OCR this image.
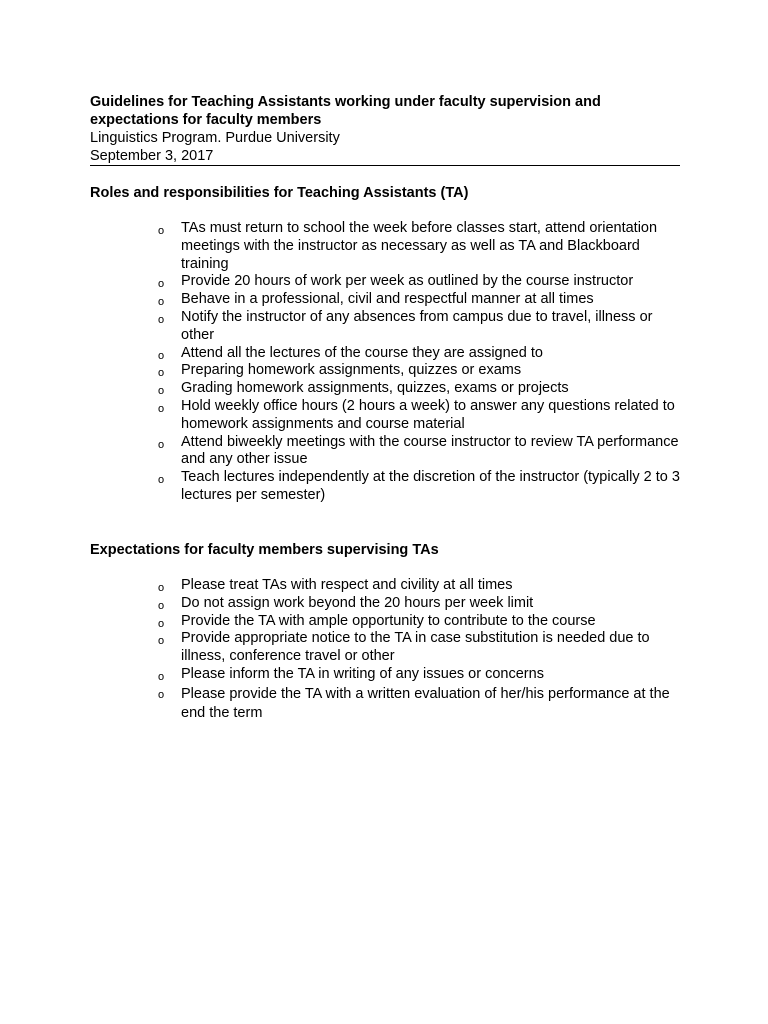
Guidelines for Teaching Assistants working under faculty supervision and expectations for faculty members

Linguistics Program. Purdue University

September 3, 2017

Roles and responsibilities for Teaching Assistants (TA)

o TAs must return to school the week before classes start, attend orientation meetings with the instructor as necessary as well as TA and Blackboard training
o Provide 20 hours of work per week as outlined by the course instructor
o Behave in a professional, civil and respectful manner at all times
o Notify the instructor of any absences from campus due to travel, illness or other
o Attend all the lectures of the course they are assigned to
o Preparing homework assignments, quizzes or exams
o Grading homework assignments, quizzes, exams or projects
o Hold weekly office hours (2 hours a week) to answer any questions related to homework assignments and course material
o Attend biweekly meetings with the course instructor to review TA performance and any other issue
o Teach lectures independently at the discretion of the instructor (typically 2 to 3 lectures per semester)

Expectations for faculty members supervising TAs

o Please treat TAs with respect and civility at all times
o Do not assign work beyond the 20 hours per week limit
o Provide the TA with ample opportunity to contribute to the course
o Provide appropriate notice to the TA in case substitution is needed due to illness, conference travel or other
o Please inform the TA in writing of any issues or concerns
o Please provide the TA with a written evaluation of her/his performance at the end the term
